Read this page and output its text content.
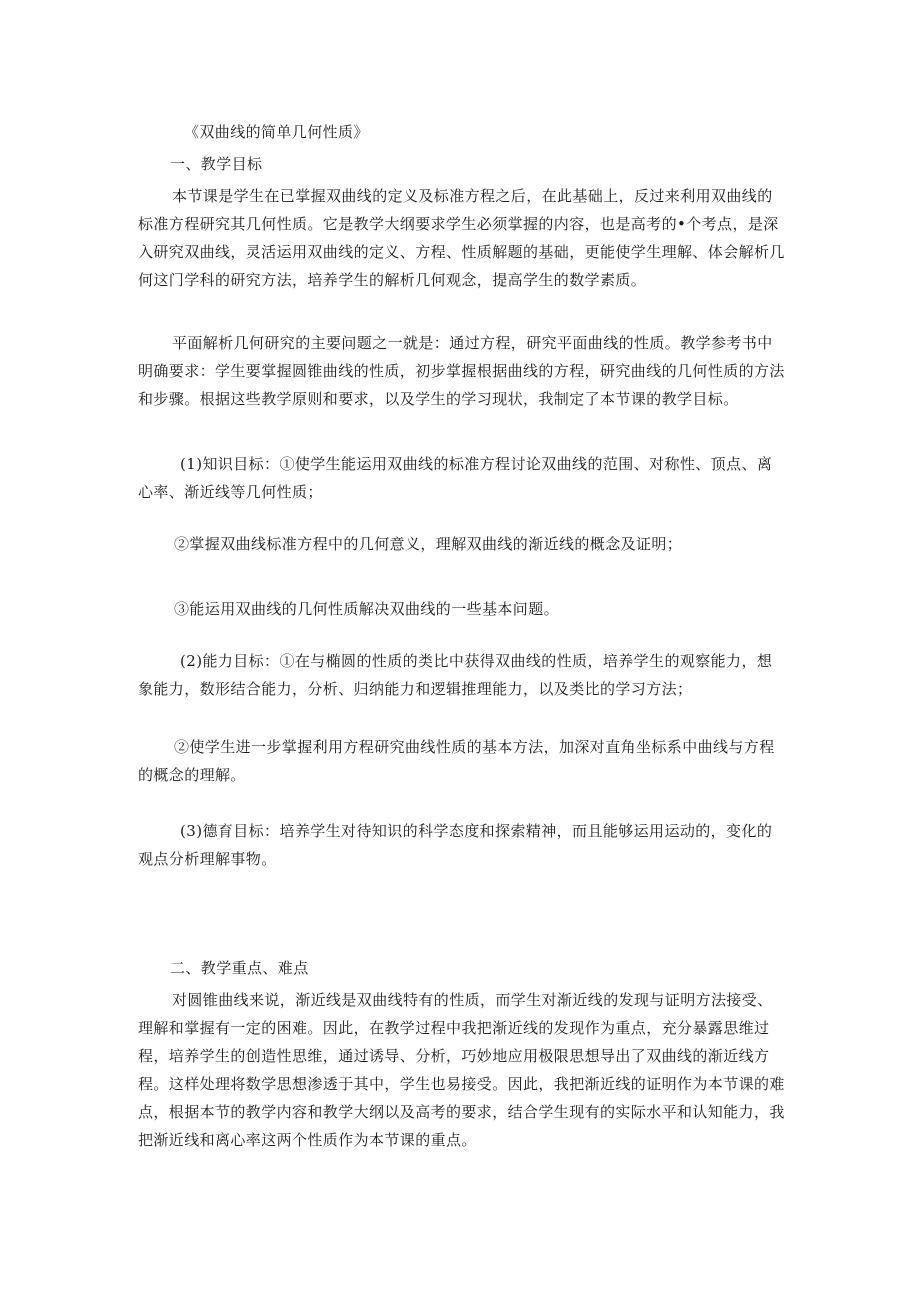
《双曲线的简单几何性质》

一、教学目标

本节课是学生在已掌握双曲线的定义及标准方程之后，在此基础上，反过来利用双曲线的标准方程研究其几何性质。它是教学大纲要求学生必须掌握的内容，也是高考的•个考点，是深入研究双曲线，灵活运用双曲线的定义、方程、性质解题的基础，更能使学生理解、体会解析几何这门学科的研究方法，培养学生的解析几何观念，提高学生的数学素质。

平面解析几何研究的主要问题之一就是：通过方程，研究平面曲线的性质。教学参考书中明确要求：学生要掌握圆锥曲线的性质，初步掌握根据曲线的方程，研究曲线的几何性质的方法和步骤。根据这些教学原则和要求，以及学生的学习现状，我制定了本节课的教学目标。

(1)知识目标：①使学生能运用双曲线的标准方程讨论双曲线的范围、对称性、顶点、离心率、渐近线等几何性质；

②掌握双曲线标准方程中的几何意义，理解双曲线的渐近线的概念及证明；

③能运用双曲线的几何性质解决双曲线的一些基本问题。

(2)能力目标：①在与椭圆的性质的类比中获得双曲线的性质，培养学生的观察能力，想象能力，数形结合能力，分析、归纳能力和逻辑推理能力，以及类比的学习方法；

②使学生进一步掌握利用方程研究曲线性质的基本方法，加深对直角坐标系中曲线与方程的概念的理解。

(3)德育目标：培养学生对待知识的科学态度和探索精神，而且能够运用运动的，变化的观点分析理解事物。

二、教学重点、难点

对圆锥曲线来说，渐近线是双曲线特有的性质，而学生对渐近线的发现与证明方法接受、理解和掌握有一定的困难。因此，在教学过程中我把渐近线的发现作为重点，充分暴露思维过程，培养学生的创造性思维，通过诱导、分析，巧妙地应用极限思想导出了双曲线的渐近线方程。这样处理将数学思想渗透于其中，学生也易接受。因此，我把渐近线的证明作为本节课的难点，根据本节的教学内容和教学大纲以及高考的要求，结合学生现有的实际水平和认知能力，我把渐近线和离心率这两个性质作为本节课的重点。
